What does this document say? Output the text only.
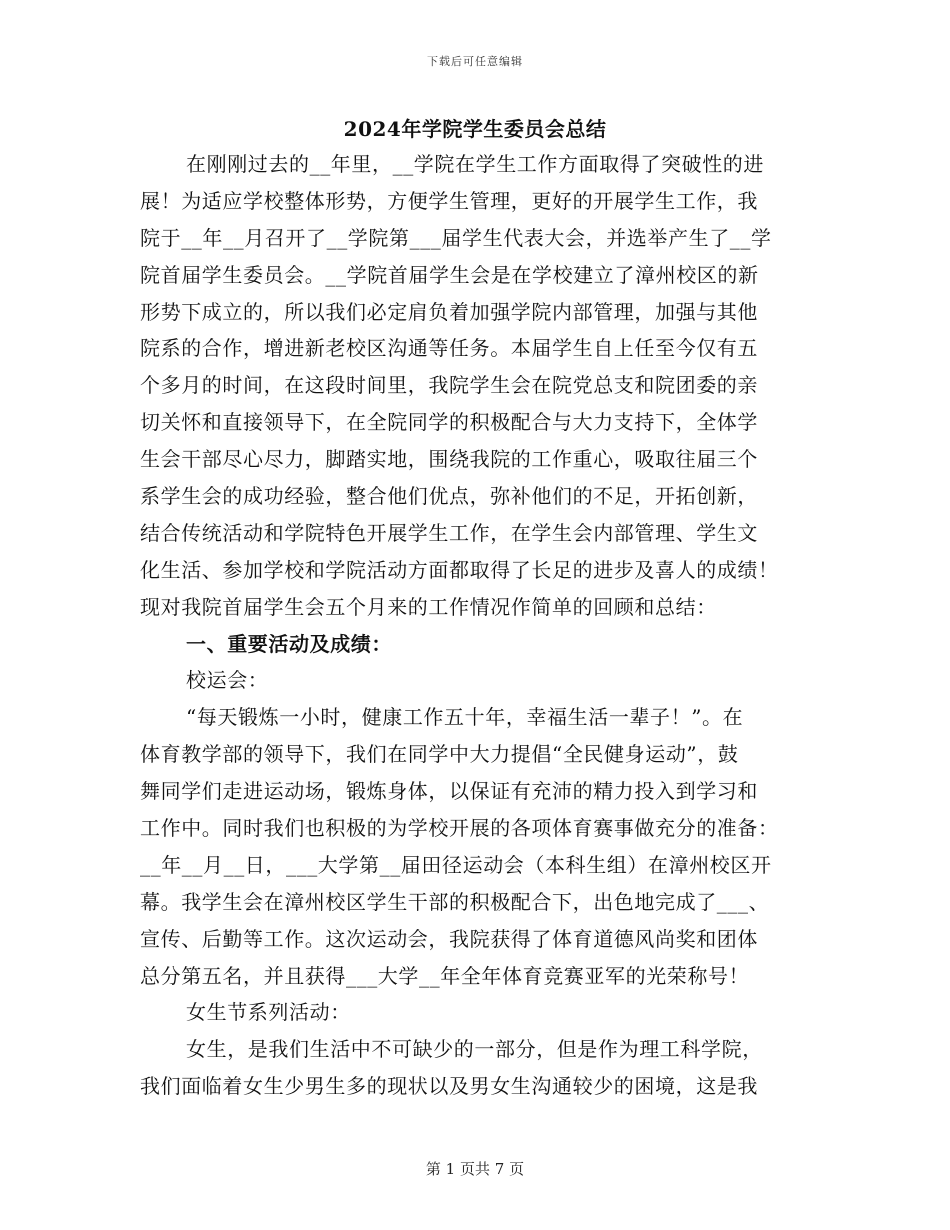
下载后可任意编辑
2024年学院学生委员会总结
在刚刚过去的__年里，__学院在学生工作方面取得了突破性的进
展！为适应学校整体形势，方便学生管理，更好的开展学生工作，我
院于__年__月召开了__学院第___届学生代表大会，并选举产生了__学
院首届学生委员会。__学院首届学生会是在学校建立了漳州校区的新
形势下成立的，所以我们必定肩负着加强学院内部管理，加强与其他
院系的合作，增进新老校区沟通等任务。本届学生自上任至今仅有五
个多月的时间，在这段时间里，我院学生会在院党总支和院团委的亲
切关怀和直接领导下，在全院同学的积极配合与大力支持下，全体学
生会干部尽心尽力，脚踏实地，围绕我院的工作重心，吸取往届三个
系学生会的成功经验，整合他们优点，弥补他们的不足，开拓创新，
结合传统活动和学院特色开展学生工作，在学生会内部管理、学生文
化生活、参加学校和学院活动方面都取得了长足的进步及喜人的成绩！
现对我院首届学生会五个月来的工作情况作简单的回顾和总结：
一、重要活动及成绩：
校运会：
“每天锻炼一小时，健康工作五十年，幸福生活一辈子！”。在
体育教学部的领导下，我们在同学中大力提倡“全民健身运动”，鼓
舞同学们走进运动场，锻炼身体，以保证有充沛的精力投入到学习和
工作中。同时我们也积极的为学校开展的各项体育赛事做充分的准备：
__年__月__日，___大学第__届田径运动会（本科生组）在漳州校区开
幕。我学生会在漳州校区学生干部的积极配合下，出色地完成了___、
宣传、后勤等工作。这次运动会，我院获得了体育道德风尚奖和团体
总分第五名，并且获得___大学__年全年体育竞赛亚军的光荣称号！
女生节系列活动：
女生，是我们生活中不可缺少的一部分，但是作为理工科学院，
我们面临着女生少男生多的现状以及男女生沟通较少的困境，这是我
第 1 页共 7 页
